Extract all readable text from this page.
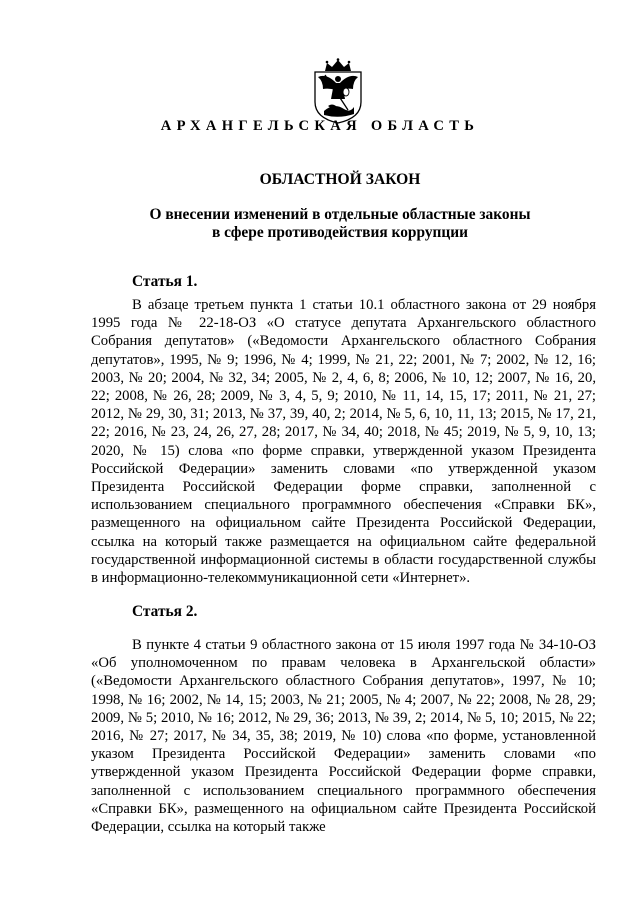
АРХАНГЕЛЬСКАЯ ОБЛАСТЬ

ОБЛАСТНОЙ ЗАКОН

О внесении изменений в отдельные областные законы
в сфере противодействия коррупции

Статья 1.

В абзаце третьем пункта 1 статьи 10.1 областного закона от 29 ноября 1995 года № 22-18-ОЗ «О статусе депутата Архангельского областного Собрания депутатов» («Ведомости Архангельского областного Собрания депутатов», 1995, № 9; 1996, № 4; 1999, № 21, 22; 2001, № 7; 2002, № 12, 16; 2003, № 20; 2004, № 32, 34; 2005, № 2, 4, 6, 8; 2006, № 10, 12; 2007, № 16, 20, 22; 2008, № 26, 28; 2009, № 3, 4, 5, 9; 2010, № 11, 14, 15, 17; 2011, № 21, 27; 2012, № 29, 30, 31; 2013, № 37, 39, 40, 2; 2014, № 5, 6, 10, 11, 13; 2015, № 17, 21, 22; 2016, № 23, 24, 26, 27, 28; 2017, № 34, 40; 2018, № 45; 2019, № 5, 9, 10, 13; 2020, № 15) слова «по форме справки, утвержденной указом Президента Российской Федерации» заменить словами «по утвержденной указом Президента Российской Федерации форме справки, заполненной с использованием специального программного обеспечения «Справки БК», размещенного на официальном сайте Президента Российской Федерации, ссылка на который также размещается на официальном сайте федеральной государственной информационной системы в области государственной службы в информационно-телекоммуникационной сети «Интернет».

Статья 2.

В пункте 4 статьи 9 областного закона от 15 июля 1997 года № 34-10-ОЗ «Об уполномоченном по правам человека в Архангельской области» («Ведомости Архангельского областного Собрания депутатов», 1997, № 10; 1998, № 16; 2002, № 14, 15; 2003, № 21; 2005, № 4; 2007, № 22; 2008, № 28, 29; 2009, № 5; 2010, № 16; 2012, № 29, 36; 2013, № 39, 2; 2014, № 5, 10; 2015, № 22; 2016, № 27; 2017, № 34, 35, 38; 2019, № 10) слова «по форме, установленной указом Президента Российской Федерации» заменить словами «по утвержденной указом Президента Российской Федерации форме справки, заполненной с использованием специального программного обеспечения «Справки БК», размещенного на официальном сайте Президента Российской Федерации, ссылка на который также
